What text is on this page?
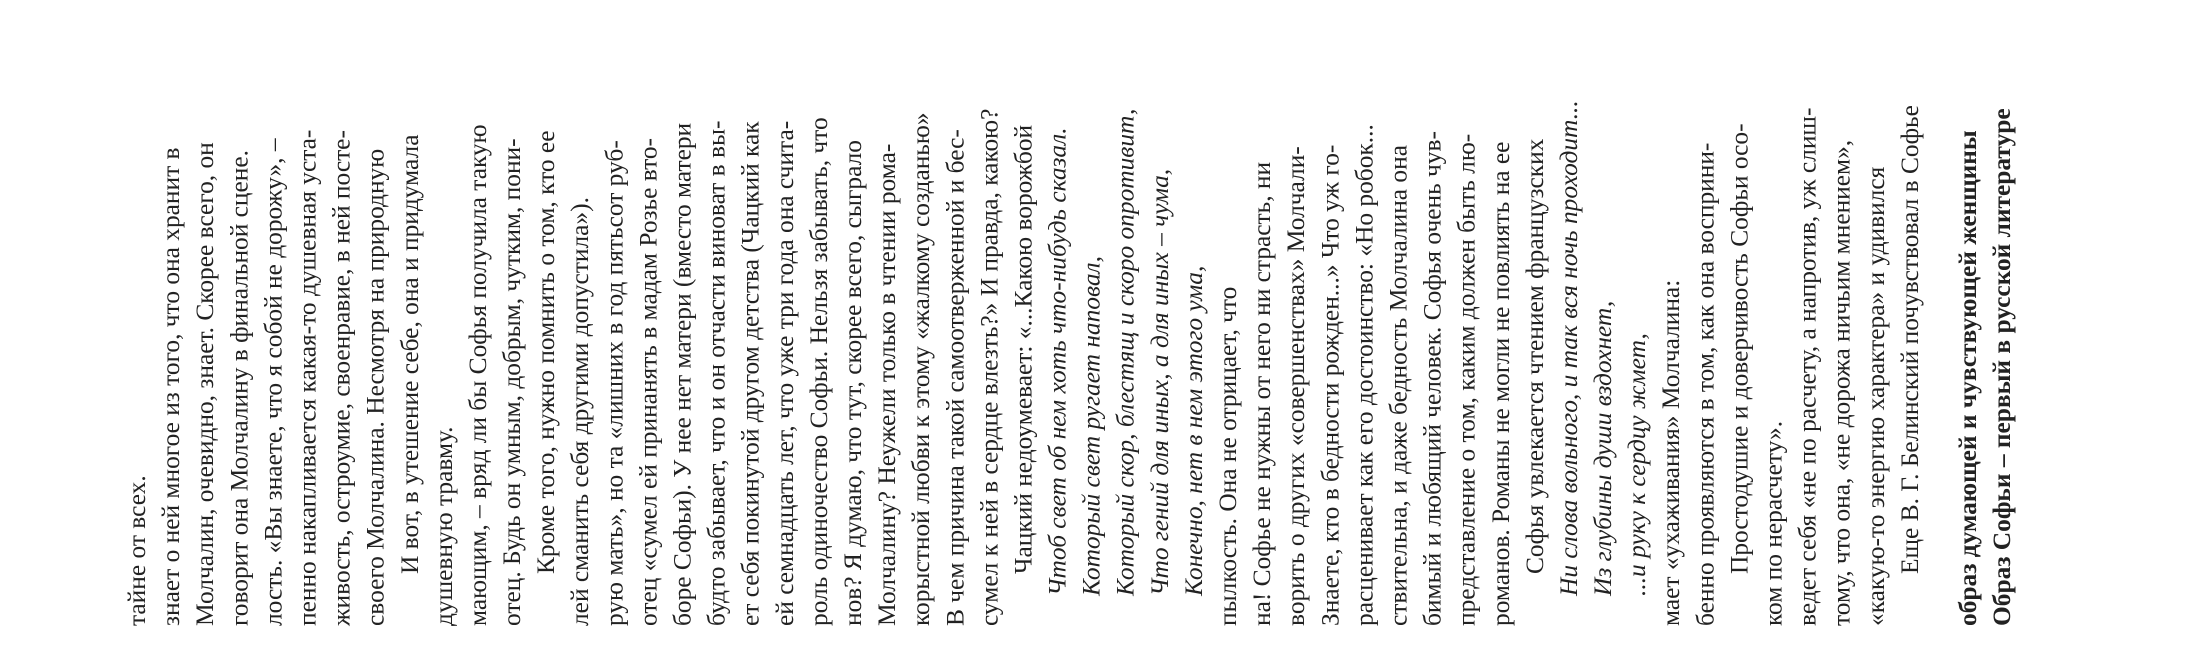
Образ Софьи – первый в русской литературе
образ думающей и чувствующей женщины
Еще В. Г. Белинский почувствовал в Софье
«какую-то энергию характера» и удивился
тому, что она, «не дорожа ничьим мнением»,
ведет себя «не по расчету, а напротив, уж слиш-
ком по нерасчету».
Простодушие и доверчивость Софьи осо-
бенно проявляются в том, как она восприни-
мает «ухаживания» Молчалина:
...и руку к сердцу жмет,
Из глубины души вздохнет,
Ни слова вольного, и так вся ночь проходит...
Софья увлекается чтением французских
романов. Романы не могли не повлиять на ее
представление о том, каким должен быть лю-
бимый и любящий человек. Софья очень чув-
ствительна, и даже бедность Молчалина она
расценивает как его достоинство: «Но робок...
Знаете, кто в бедности рожден...» Что уж го-
ворить о других «совершенствах» Молчали-
на! Софье не нужны от него ни страсть, ни
пылкость. Она не отрицает, что
Конечно, нет в нем этого ума,
Что гений для иных, а для иных – чума,
Который скор, блестящ и скоро опротивит,
Который свет ругает наповал,
Чтоб свет об нем хоть что-нибудь сказал.
Чацкий недоумевает: «...Какою ворожбой
сумел к ней в сердце влезть?» И правда, какою?
В чем причина такой самоотверженной и бес-
корыстной любви к этому «жалкому созданью»
Молчалину? Неужели только в чтении рома-
нов? Я думаю, что тут, скорее всего, сыграло
роль одиночество Софьи. Нельзя забывать, что
ей семнадцать лет, что уже три года она счита-
ет себя покинутой другом детства (Чацкий как
будто забывает, что и он отчасти виноват в вы-
боре Софьи). У нее нет матери (вместо матери
отец «сумел ей принанять в мадам Розье вто-
рую мать», но та «лишних в год пятьсот руб-
лей сманить себя другими допустила»).
Кроме того, нужно помнить о том, кто ее
отец. Будь он умным, добрым, чутким, пони-
мающим, – вряд ли бы Софья получила такую
душевную травму.
И вот, в утешение себе, она и придумала
своего Молчалина. Несмотря на природную
живость, остроумие, своенравие, в ней посте-
пенно накапливается какая-то душевная уста-
лость. «Вы знаете, что я собой не дорожу», –
говорит она Молчалину в финальной сцене.
Молчалин, очевидно, знает. Скорее всего, он
знает о ней многое из того, что она хранит в
тайне от всех.
